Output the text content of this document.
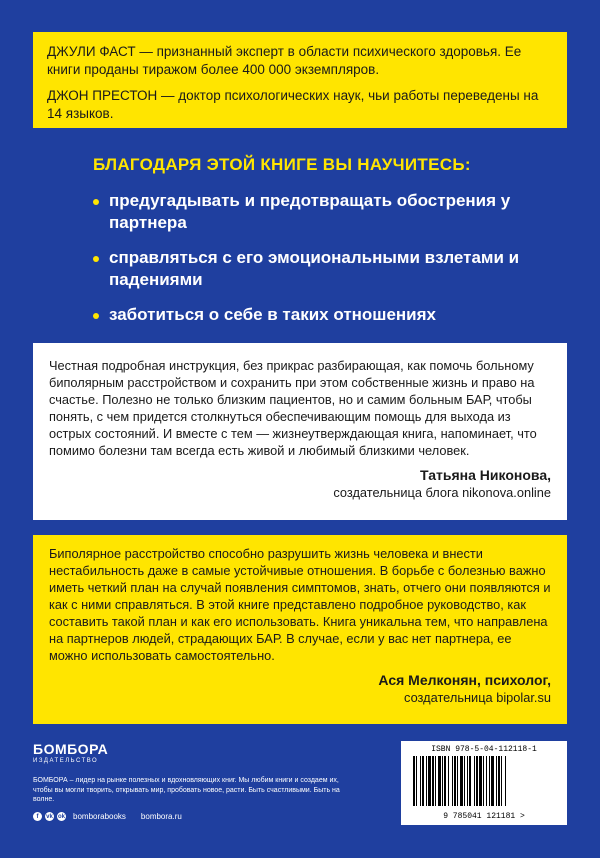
ДЖУЛИ ФАСТ — признанный эксперт в области психического здоровья. Ее книги проданы тиражом более 400 000 экземпляров.

ДЖОН ПРЕСТОН — доктор психологических наук, чьи работы переведены на 14 языков.

БЛАГОДАРЯ ЭТОЙ КНИГЕ ВЫ НАУЧИТЕСЬ:
предугадывать и предотвращать обострения у партнера
справляться с его эмоциональными взлетами и падениями
заботиться о себе в таких отношениях

Честная подробная инструкция, без прикрас разбирающая, как помочь больному биполярным расстройством и сохранить при этом собственные жизнь и право на счастье. Полезно не только близким пациентов, но и самим больным БАР, чтобы понять, с чем придется столкнуться обеспечивающим помощь для выхода из острых состояний. И вместе с тем — жизнеутверждающая книга, напоминает, что помимо болезни там всегда есть живой и любимый близкими человек.

Татьяна Никонова,
создательница блога nikonova.online

Биполярное расстройство способно разрушить жизнь человека и внести нестабильность даже в самые устойчивые отношения. В борьбе с болезнью важно иметь четкий план на случай появления симптомов, знать, отчего они появляются и как с ними справляться. В этой книге представлено подробное руководство, как составить такой план и как его использовать. Книга уникальна тем, что направлена на партнеров людей, страдающих БАР. В случае, если у вас нет партнера, ее можно использовать самостоятельно.

Ася Мелконян, психолог,
создательница bipolar.su
БОМБОРА
ИЗДАТЕЛЬСТВО
БОМБОРА – лидер на рынке полезных и вдохновляющих книг. Мы любим книги и создаем их, чтобы вы могли творить, открывать мир, пробовать новое, расти. Быть счастливыми. Быть на волне.
f	vk ok bomborabooks bombora.ru
ISBN 978-5-04-112118-1
9 785041 121181 >
